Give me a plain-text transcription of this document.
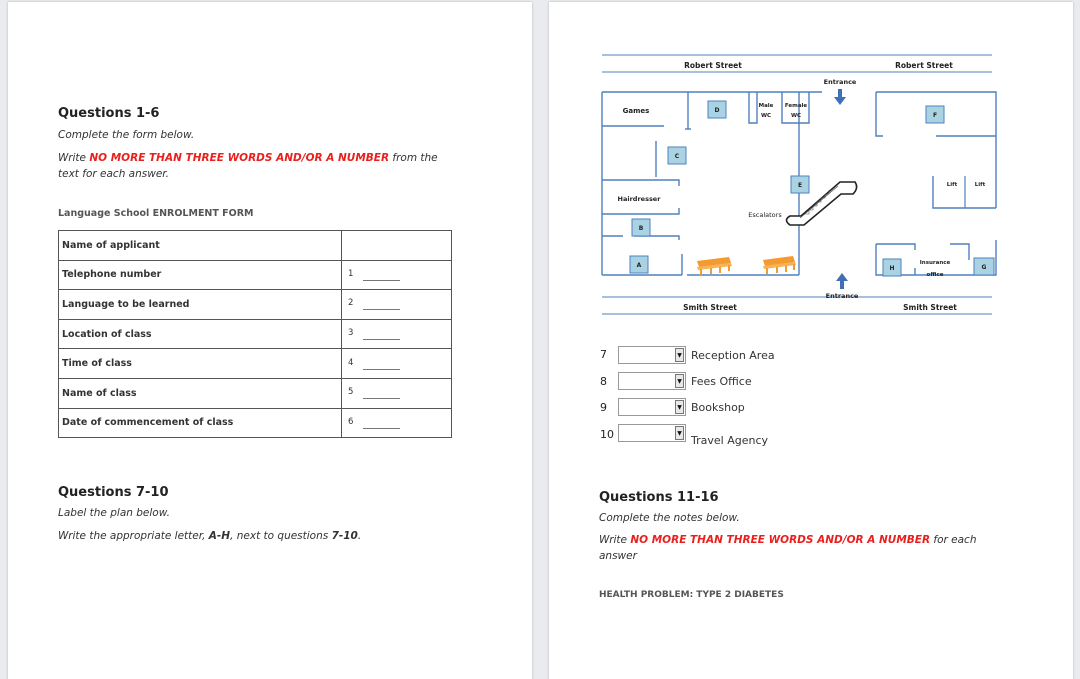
Questions 1-6
Complete the form below.
Write NO MORE THAN THREE WORDS AND/OR A NUMBER from the
text for each answer.
Language School ENROLMENT FORM
Name of applicant	
Telephone number	1
Language to be learned	2
Location of class	3
Time of class	4
Name of class	5
Date of commencement of class	6
Questions 7-10
Label the plan below.
Write the appropriate letter, A-H, next to questions 7-10.
Robert Street	Robert Street
Entrance
Smith Street	Smith Street
Entrance
Games
Male
WC
Female
WC
Hairdresser
Escalators
Lift	Lift
Insurance
office
D
F
C
E
B
A	H	G
7	▼ Reception Area
8	▼ Fees Office
9	▼ Bookshop
10	▼
Travel Agency
Questions 11-16
Complete the notes below.
Write NO MORE THAN THREE WORDS AND/OR A NUMBER for each
answer
HEALTH PROBLEM: TYPE 2 DIABETES
